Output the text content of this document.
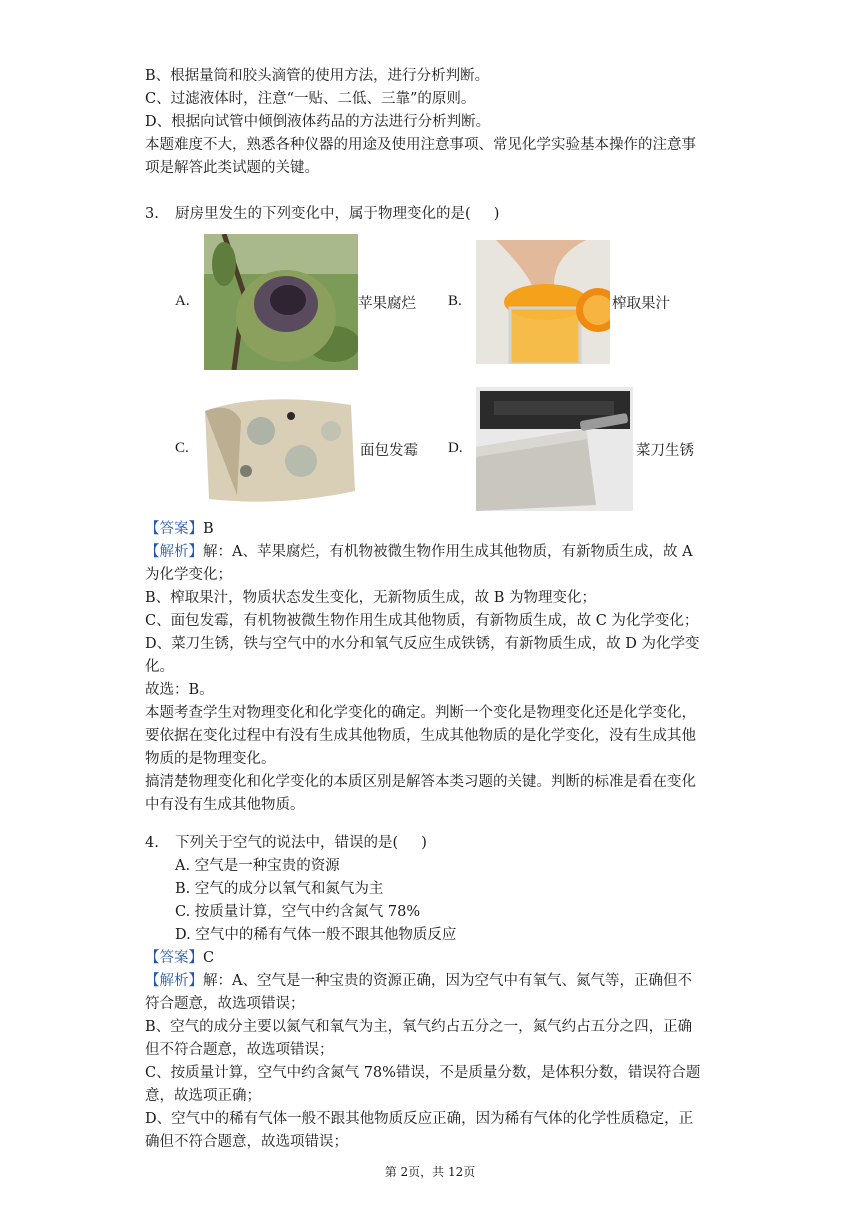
B、根据量筒和胶头滴管的使用方法，进行分析判断。
C、过滤液体时，注意“一贴、二低、三靠”的原则。
D、根据向试管中倾倒液体药品的方法进行分析判断。
本题难度不大，熟悉各种仪器的用途及使用注意事项、常见化学实验基本操作的注意事
项是解答此类试题的关键。
3. 厨房里发生的下列变化中，属于物理变化的是(     )
A.	苹果腐烂 B.	榨取果汁
C.	面包发霉 D.	菜刀生锈
【答案】B
【解析】解：A、苹果腐烂，有机物被微生物作用生成其他物质，有新物质生成，故 A
为化学变化；
B、榨取果汁，物质状态发生变化，无新物质生成，故 B 为物理变化；
C、面包发霉，有机物被微生物作用生成其他物质，有新物质生成，故 C 为化学变化；
D、菜刀生锈，铁与空气中的水分和氧气反应生成铁锈，有新物质生成，故 D 为化学变
化。
故选：B。
本题考查学生对物理变化和化学变化的确定。判断一个变化是物理变化还是化学变化，
要依据在变化过程中有没有生成其他物质，生成其他物质的是化学变化，没有生成其他
物质的是物理变化。
搞清楚物理变化和化学变化的本质区别是解答本类习题的关键。判断的标准是看在变化
中有没有生成其他物质。
4. 下列关于空气的说法中，错误的是(     )
A. 空气是一种宝贵的资源
B. 空气的成分以氧气和氮气为主
C. 按质量计算，空气中约含氮气 78%
D. 空气中的稀有气体一般不跟其他物质反应
【答案】C
【解析】解：A、空气是一种宝贵的资源正确，因为空气中有氧气、氮气等，正确但不
符合题意，故选项错误；
B、空气的成分主要以氮气和氧气为主，氧气约占五分之一，氮气约占五分之四，正确
但不符合题意，故选项错误；
C、按质量计算，空气中约含氮气 78%错误，不是质量分数，是体积分数，错误符合题
意，故选项正确；
D、空气中的稀有气体一般不跟其他物质反应正确，因为稀有气体的化学性质稳定，正
确但不符合题意，故选项错误；
第 2页，共 12页
